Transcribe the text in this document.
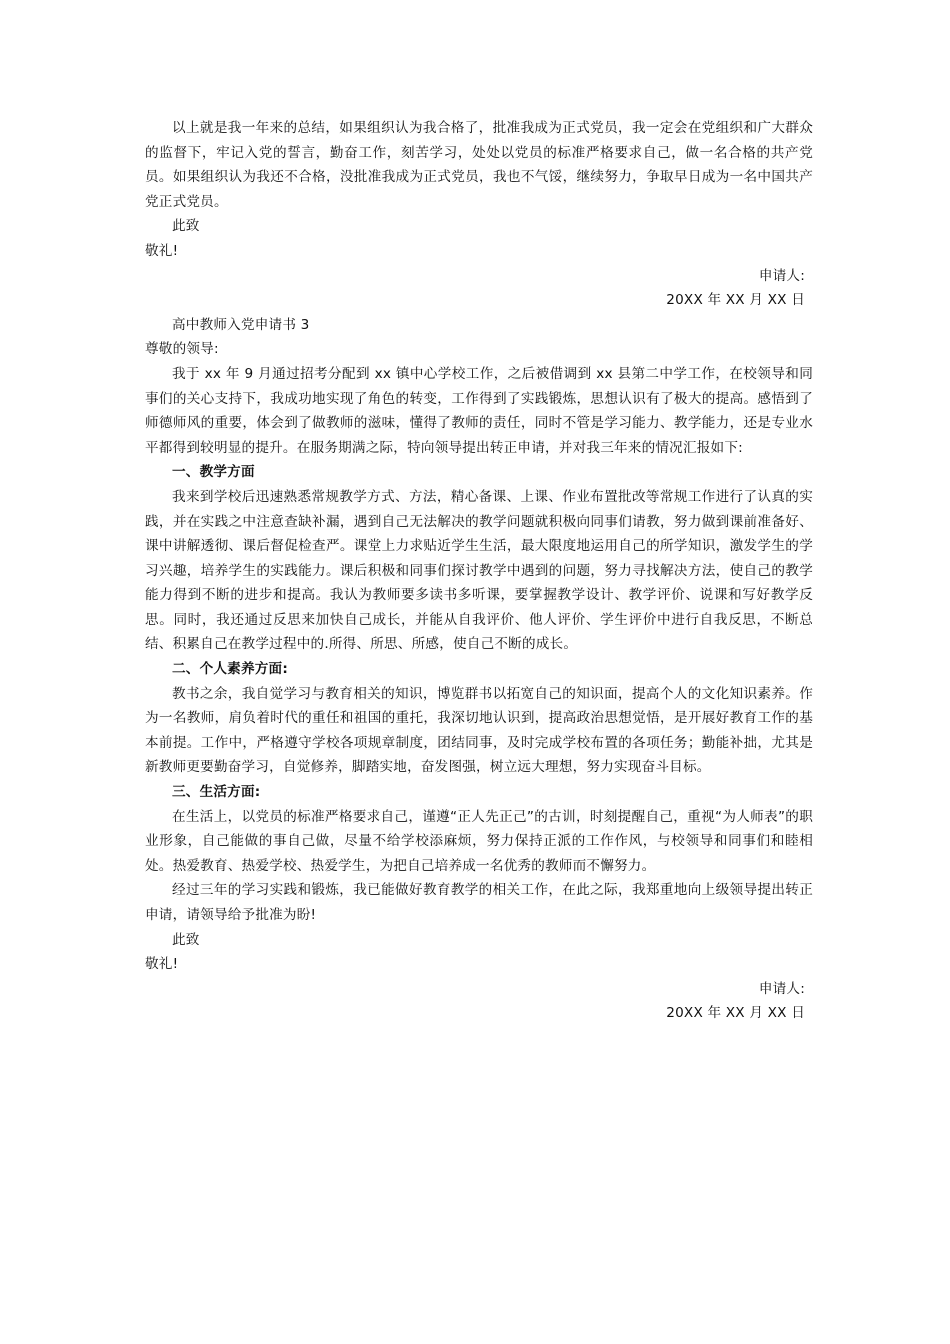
以上就是我一年来的总结，如果组织认为我合格了，批准我成为正式党员，我一定会在党组织和广大群众的监督下，牢记入党的誓言，勤奋工作，刻苦学习，处处以党员的标准严格要求自己，做一名合格的共产党员。如果组织认为我还不合格，没批准我成为正式党员，我也不气馁，继续努力，争取早日成为一名中国共产党正式党员。

此致

敬礼!

申请人:

20XX 年 XX 月 XX 日

高中教师入党申请书 3

尊敬的领导:

我于 xx 年 9 月通过招考分配到 xx 镇中心学校工作，之后被借调到 xx 县第二中学工作，在校领导和同事们的关心支持下，我成功地实现了角色的转变，工作得到了实践锻炼，思想认识有了极大的提高。感悟到了师德师风的重要，体会到了做教师的滋味，懂得了教师的责任，同时不管是学习能力、教学能力，还是专业水平都得到较明显的提升。在服务期满之际，特向领导提出转正申请，并对我三年来的情况汇报如下:

一、教学方面

我来到学校后迅速熟悉常规教学方式、方法，精心备课、上课、作业布置批改等常规工作进行了认真的实践，并在实践之中注意查缺补漏，遇到自己无法解决的教学问题就积极向同事们请教，努力做到课前准备好、课中讲解透彻、课后督促检查严。课堂上力求贴近学生生活，最大限度地运用自己的所学知识，激发学生的学习兴趣，培养学生的实践能力。课后积极和同事们探讨教学中遇到的问题，努力寻找解决方法，使自己的教学能力得到不断的进步和提高。我认为教师要多读书多听课，要掌握教学设计、教学评价、说课和写好教学反思。同时，我还通过反思来加快自己成长，并能从自我评价、他人评价、学生评价中进行自我反思，不断总结、积累自己在教学过程中的.所得、所思、所感，使自己不断的成长。

二、个人素养方面:

教书之余，我自觉学习与教育相关的知识，博览群书以拓宽自己的知识面，提高个人的文化知识素养。作为一名教师，肩负着时代的重任和祖国的重托，我深切地认识到，提高政治思想觉悟，是开展好教育工作的基本前提。工作中，严格遵守学校各项规章制度，团结同事，及时完成学校布置的各项任务；勤能补拙，尤其是新教师更要勤奋学习，自觉修养，脚踏实地，奋发图强，树立远大理想，努力实现奋斗目标。

三、生活方面:

在生活上，以党员的标准严格要求自己，谨遵“正人先正己”的古训，时刻提醒自己，重视“为人师表”的职业形象，自己能做的事自己做，尽量不给学校添麻烦，努力保持正派的工作作风，与校领导和同事们和睦相处。热爱教育、热爱学校、热爱学生，为把自己培养成一名优秀的教师而不懈努力。

经过三年的学习实践和锻炼，我已能做好教育教学的相关工作，在此之际，我郑重地向上级领导提出转正申请，请领导给予批准为盼!

此致

敬礼!

申请人:

20XX 年 XX 月 XX 日
